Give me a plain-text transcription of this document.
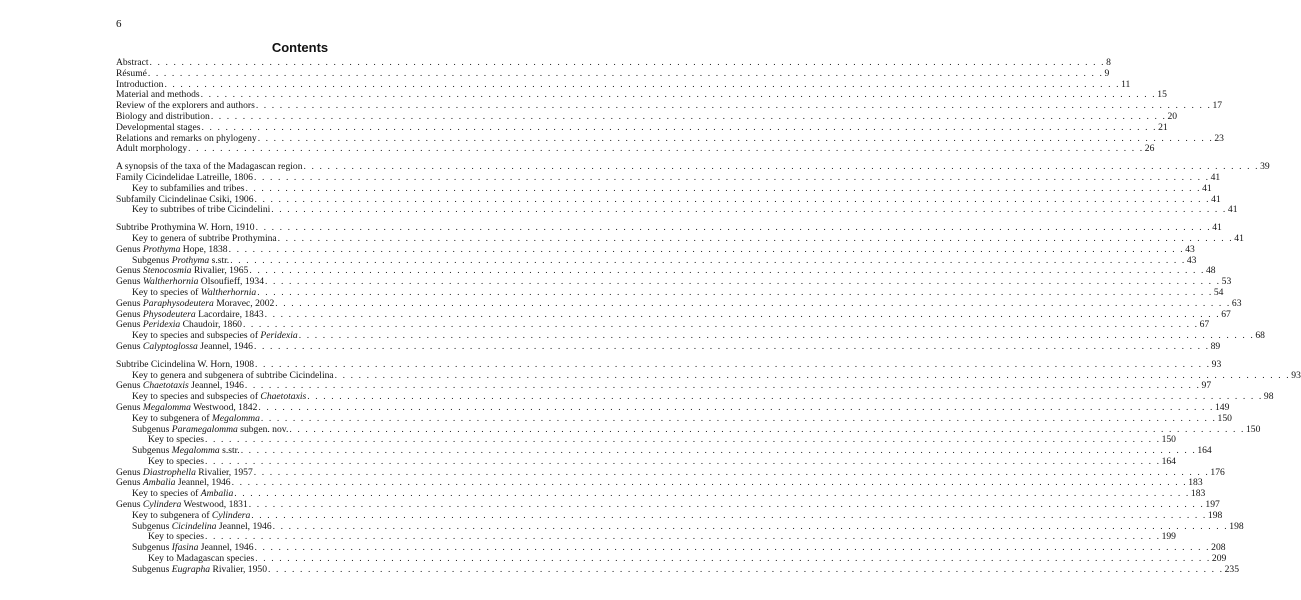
6
Contents
Abstract . . . . . . . . . . . . . . . . . . . . . . . . . . . . . . . . . . . . . . . . . . . . . . . . . . . . . . . . . . . . . . . . . . . . . . . . . . . . . . . . . . . . . . . . . . . . . . . . . . . . . . . . . . . . . . . . . . . . . . . . 8
Résumé . . . . . . . . . . . . . . . . . . . . . . . . . . . . . . . . . . . . . . . . . . . . . . . . . . . . . . . . . . . . . . . . . . . . . . . . . . . . . . . . . . . . . . . . . . . . . . . . . . . . . . . . . . . . . . . . . . . . . . . . 9
Introduction . . . . . . . . . . . . . . . . . . . . . . . . . . . . . . . . . . . . . . . . . . . . . . . . . . . . . . . . . . . . . . . . . . . . . . . . . . . . . . . . . . . . . . . . . . . . . . . . . . . . . . . . . . . . . . . . . . . . . . . . 11
Material and methods . . . . . . . . . . . . . . . . . . . . . . . . . . . . . . . . . . . . . . . . . . . . . . . . . . . . . . . . . . . . . . . . . . . . . . . . . . . . . . . . . . . . . . . . . . . . . . . . . . . . . . . . . . . . . . . . . . . . . . . . 15
Review of the explorers and authors . . . . . . . . . . . . . . . . . . . . . . . . . . . . . . . . . . . . . . . . . . . . . . . . . . . . . . . . . . . . . . . . . . . . . . . . . . . . . . . . . . . . . . . . . . . . . . . . . . . . . . . . . . . . . . . . . . . . . . . . 17
Biology and distribution . . . . . . . . . . . . . . . . . . . . . . . . . . . . . . . . . . . . . . . . . . . . . . . . . . . . . . . . . . . . . . . . . . . . . . . . . . . . . . . . . . . . . . . . . . . . . . . . . . . . . . . . . . . . . . . . . . . . . . . . 20
Developmental stages . . . . . . . . . . . . . . . . . . . . . . . . . . . . . . . . . . . . . . . . . . . . . . . . . . . . . . . . . . . . . . . . . . . . . . . . . . . . . . . . . . . . . . . . . . . . . . . . . . . . . . . . . . . . . . . . . . . . . . . . 21
Relations and remarks on phylogeny . . . . . . . . . . . . . . . . . . . . . . . . . . . . . . . . . . . . . . . . . . . . . . . . . . . . . . . . . . . . . . . . . . . . . . . . . . . . . . . . . . . . . . . . . . . . . . . . . . . . . . . . . . . . . . . . . . . . . . . . 23
Adult morphology . . . . . . . . . . . . . . . . . . . . . . . . . . . . . . . . . . . . . . . . . . . . . . . . . . . . . . . . . . . . . . . . . . . . . . . . . . . . . . . . . . . . . . . . . . . . . . . . . . . . . . . . . . . . . . . . . . . . . . . . 26
A synopsis of the taxa of the Madagascan region . . . . . . . . . . . . . . . . . . . . . . . . . . . . . . . . . . . . . . . . . . . . . . . . . . . . . . . . . . . . . . . . . . . . . . . . . . . . . . . . . . . . . . . . . . . . . . . . . . . . . . . . . . . . . . . . . . . . . . . . 39
Family Cicindelidae Latreille, 1806 . . . . . . . . . . . . . . . . . . . . . . . . . . . . . . . . . . . . . . . . . . . . . . . . . . . . . . . . . . . . . . . . . . . . . . . . . . . . . . . . . . . . . . . . . . . . . . . . . . . . . . . . . . . . . . . . . . . . . . . . 41
Key to subfamilies and tribes . . . . . . . . . . . . . . . . . . . . . . . . . . . . . . . . . . . . . . . . . . . . . . . . . . . . . . . . . . . . . . . . . . . . . . . . . . . . . . . . . . . . . . . . . . . . . . . . . . . . . . . . . . . . . . . . . . . . . . . . 41
Subfamily Cicindelinae Csiki, 1906 . . . . . . . . . . . . . . . . . . . . . . . . . . . . . . . . . . . . . . . . . . . . . . . . . . . . . . . . . . . . . . . . . . . . . . . . . . . . . . . . . . . . . . . . . . . . . . . . . . . . . . . . . . . . . . . . . . . . . . . . 41
Key to subtribes of tribe Cicindelini . . . . . . . . . . . . . . . . . . . . . . . . . . . . . . . . . . . . . . . . . . . . . . . . . . . . . . . . . . . . . . . . . . . . . . . . . . . . . . . . . . . . . . . . . . . . . . . . . . . . . . . . . . . . . . . . . . . . . . . . 41
Subtribe Prothymina W. Horn, 1910 . . . . . . . . . . . . . . . . . . . . . . . . . . . . . . . . . . . . . . . . . . . . . . . . . . . . . . . . . . . . . . . . . . . . . . . . . . . . . . . . . . . . . . . . . . . . . . . . . . . . . . . . . . . . . . . . . . . . . . . . 41
Key to genera of subtribe Prothymina . . . . . . . . . . . . . . . . . . . . . . . . . . . . . . . . . . . . . . . . . . . . . . . . . . . . . . . . . . . . . . . . . . . . . . . . . . . . . . . . . . . . . . . . . . . . . . . . . . . . . . . . . . . . . . . . . . . . . . . . 41
Genus Prothyma Hope, 1838 . . . . . . . . . . . . . . . . . . . . . . . . . . . . . . . . . . . . . . . . . . . . . . . . . . . . . . . . . . . . . . . . . . . . . . . . . . . . . . . . . . . . . . . . . . . . . . . . . . . . . . . . . . . . . . . . . . . . . . . . 43
Subgenus Prothyma s.str. . . . . . . . . . . . . . . . . . . . . . . . . . . . . . . . . . . . . . . . . . . . . . . . . . . . . . . . . . . . . . . . . . . . . . . . . . . . . . . . . . . . . . . . . . . . . . . . . . . . . . . . . . . . . . . . . . . . . . . . . 43
Genus Stenocosmia Rivalier, 1965 . . . . . . . . . . . . . . . . . . . . . . . . . . . . . . . . . . . . . . . . . . . . . . . . . . . . . . . . . . . . . . . . . . . . . . . . . . . . . . . . . . . . . . . . . . . . . . . . . . . . . . . . . . . . . . . . . . . . . . . . 48
Genus Waltherhornia Olsoufieff, 1934 . . . . . . . . . . . . . . . . . . . . . . . . . . . . . . . . . . . . . . . . . . . . . . . . . . . . . . . . . . . . . . . . . . . . . . . . . . . . . . . . . . . . . . . . . . . . . . . . . . . . . . . . . . . . . . . . . . . . . . . . 53
Key to species of Waltherhornia . . . . . . . . . . . . . . . . . . . . . . . . . . . . . . . . . . . . . . . . . . . . . . . . . . . . . . . . . . . . . . . . . . . . . . . . . . . . . . . . . . . . . . . . . . . . . . . . . . . . . . . . . . . . . . . . . . . . . . . . 54
Genus Paraphysodeutera Moravec, 2002 . . . . . . . . . . . . . . . . . . . . . . . . . . . . . . . . . . . . . . . . . . . . . . . . . . . . . . . . . . . . . . . . . . . . . . . . . . . . . . . . . . . . . . . . . . . . . . . . . . . . . . . . . . . . . . . . . . . . . . . . 63
Genus Physodeutera Lacordaire, 1843 . . . . . . . . . . . . . . . . . . . . . . . . . . . . . . . . . . . . . . . . . . . . . . . . . . . . . . . . . . . . . . . . . . . . . . . . . . . . . . . . . . . . . . . . . . . . . . . . . . . . . . . . . . . . . . . . . . . . . . . . 67
Genus Peridexia Chaudoir, 1860 . . . . . . . . . . . . . . . . . . . . . . . . . . . . . . . . . . . . . . . . . . . . . . . . . . . . . . . . . . . . . . . . . . . . . . . . . . . . . . . . . . . . . . . . . . . . . . . . . . . . . . . . . . . . . . . . . . . . . . . . 67
Key to species and subspecies of Peridexia . . . . . . . . . . . . . . . . . . . . . . . . . . . . . . . . . . . . . . . . . . . . . . . . . . . . . . . . . . . . . . . . . . . . . . . . . . . . . . . . . . . . . . . . . . . . . . . . . . . . . . . . . . . . . . . . . . . . . . . . 68
Genus Calyptoglossa Jeannel, 1946 . . . . . . . . . . . . . . . . . . . . . . . . . . . . . . . . . . . . . . . . . . . . . . . . . . . . . . . . . . . . . . . . . . . . . . . . . . . . . . . . . . . . . . . . . . . . . . . . . . . . . . . . . . . . . . . . . . . . . . . . 89
Subtribe Cicindelina W. Horn, 1908 . . . . . . . . . . . . . . . . . . . . . . . . . . . . . . . . . . . . . . . . . . . . . . . . . . . . . . . . . . . . . . . . . . . . . . . . . . . . . . . . . . . . . . . . . . . . . . . . . . . . . . . . . . . . . . . . . . . . . . . . 93
Key to genera and subgenera of subtribe Cicindelina . . . . . . . . . . . . . . . . . . . . . . . . . . . . . . . . . . . . . . . . . . . . . . . . . . . . . . . . . . . . . . . . . . . . . . . . . . . . . . . . . . . . . . . . . . . . . . . . . . . . . . . . . . . . . . . . . . . . . . . . 93
Genus Chaetotaxis Jeannel, 1946 . . . . . . . . . . . . . . . . . . . . . . . . . . . . . . . . . . . . . . . . . . . . . . . . . . . . . . . . . . . . . . . . . . . . . . . . . . . . . . . . . . . . . . . . . . . . . . . . . . . . . . . . . . . . . . . . . . . . . . . . 97
Key to species and subspecies of Chaetotaxis . . . . . . . . . . . . . . . . . . . . . . . . . . . . . . . . . . . . . . . . . . . . . . . . . . . . . . . . . . . . . . . . . . . . . . . . . . . . . . . . . . . . . . . . . . . . . . . . . . . . . . . . . . . . . . . . . . . . . . . . 98
Genus Megalomma Westwood, 1842 . . . . . . . . . . . . . . . . . . . . . . . . . . . . . . . . . . . . . . . . . . . . . . . . . . . . . . . . . . . . . . . . . . . . . . . . . . . . . . . . . . . . . . . . . . . . . . . . . . . . . . . . . . . . . . . . . . . . . . . . 149
Key to subgenera of Megalomma . . . . . . . . . . . . . . . . . . . . . . . . . . . . . . . . . . . . . . . . . . . . . . . . . . . . . . . . . . . . . . . . . . . . . . . . . . . . . . . . . . . . . . . . . . . . . . . . . . . . . . . . . . . . . . . . . . . . . . . . 150
Subgenus Paramegalomma subgen. nov. . . . . . . . . . . . . . . . . . . . . . . . . . . . . . . . . . . . . . . . . . . . . . . . . . . . . . . . . . . . . . . . . . . . . . . . . . . . . . . . . . . . . . . . . . . . . . . . . . . . . . . . . . . . . . . . . . . . . . . . . 150
Key to species . . . . . . . . . . . . . . . . . . . . . . . . . . . . . . . . . . . . . . . . . . . . . . . . . . . . . . . . . . . . . . . . . . . . . . . . . . . . . . . . . . . . . . . . . . . . . . . . . . . . . . . . . . . . . . . . . . . . . . . . 150
Subgenus Megalomma s.str. . . . . . . . . . . . . . . . . . . . . . . . . . . . . . . . . . . . . . . . . . . . . . . . . . . . . . . . . . . . . . . . . . . . . . . . . . . . . . . . . . . . . . . . . . . . . . . . . . . . . . . . . . . . . . . . . . . . . . . . . 164
Key to species . . . . . . . . . . . . . . . . . . . . . . . . . . . . . . . . . . . . . . . . . . . . . . . . . . . . . . . . . . . . . . . . . . . . . . . . . . . . . . . . . . . . . . . . . . . . . . . . . . . . . . . . . . . . . . . . . . . . . . . . 164
Genus Diastrophella Rivalier, 1957 . . . . . . . . . . . . . . . . . . . . . . . . . . . . . . . . . . . . . . . . . . . . . . . . . . . . . . . . . . . . . . . . . . . . . . . . . . . . . . . . . . . . . . . . . . . . . . . . . . . . . . . . . . . . . . . . . . . . . . . . 176
Genus Ambalia Jeannel, 1946 . . . . . . . . . . . . . . . . . . . . . . . . . . . . . . . . . . . . . . . . . . . . . . . . . . . . . . . . . . . . . . . . . . . . . . . . . . . . . . . . . . . . . . . . . . . . . . . . . . . . . . . . . . . . . . . . . . . . . . . . 183
Key to species of Ambalia . . . . . . . . . . . . . . . . . . . . . . . . . . . . . . . . . . . . . . . . . . . . . . . . . . . . . . . . . . . . . . . . . . . . . . . . . . . . . . . . . . . . . . . . . . . . . . . . . . . . . . . . . . . . . . . . . . . . . . . . 183
Genus Cylindera Westwood, 1831 . . . . . . . . . . . . . . . . . . . . . . . . . . . . . . . . . . . . . . . . . . . . . . . . . . . . . . . . . . . . . . . . . . . . . . . . . . . . . . . . . . . . . . . . . . . . . . . . . . . . . . . . . . . . . . . . . . . . . . . . 197
Key to subgenera of Cylindera . . . . . . . . . . . . . . . . . . . . . . . . . . . . . . . . . . . . . . . . . . . . . . . . . . . . . . . . . . . . . . . . . . . . . . . . . . . . . . . . . . . . . . . . . . . . . . . . . . . . . . . . . . . . . . . . . . . . . . . . 198
Subgenus Cicindelina Jeannel, 1946 . . . . . . . . . . . . . . . . . . . . . . . . . . . . . . . . . . . . . . . . . . . . . . . . . . . . . . . . . . . . . . . . . . . . . . . . . . . . . . . . . . . . . . . . . . . . . . . . . . . . . . . . . . . . . . . . . . . . . . . . 198
Key to species . . . . . . . . . . . . . . . . . . . . . . . . . . . . . . . . . . . . . . . . . . . . . . . . . . . . . . . . . . . . . . . . . . . . . . . . . . . . . . . . . . . . . . . . . . . . . . . . . . . . . . . . . . . . . . . . . . . . . . . . 199
Subgenus Ifasina Jeannel, 1946 . . . . . . . . . . . . . . . . . . . . . . . . . . . . . . . . . . . . . . . . . . . . . . . . . . . . . . . . . . . . . . . . . . . . . . . . . . . . . . . . . . . . . . . . . . . . . . . . . . . . . . . . . . . . . . . . . . . . . . . . 208
Key to Madagascan species . . . . . . . . . . . . . . . . . . . . . . . . . . . . . . . . . . . . . . . . . . . . . . . . . . . . . . . . . . . . . . . . . . . . . . . . . . . . . . . . . . . . . . . . . . . . . . . . . . . . . . . . . . . . . . . . . . . . . . . . 209
Subgenus Eugrapha Rivalier, 1950 . . . . . . . . . . . . . . . . . . . . . . . . . . . . . . . . . . . . . . . . . . . . . . . . . . . . . . . . . . . . . . . . . . . . . . . . . . . . . . . . . . . . . . . . . . . . . . . . . . . . . . . . . . . . . . . . . . . . . . . . 235
